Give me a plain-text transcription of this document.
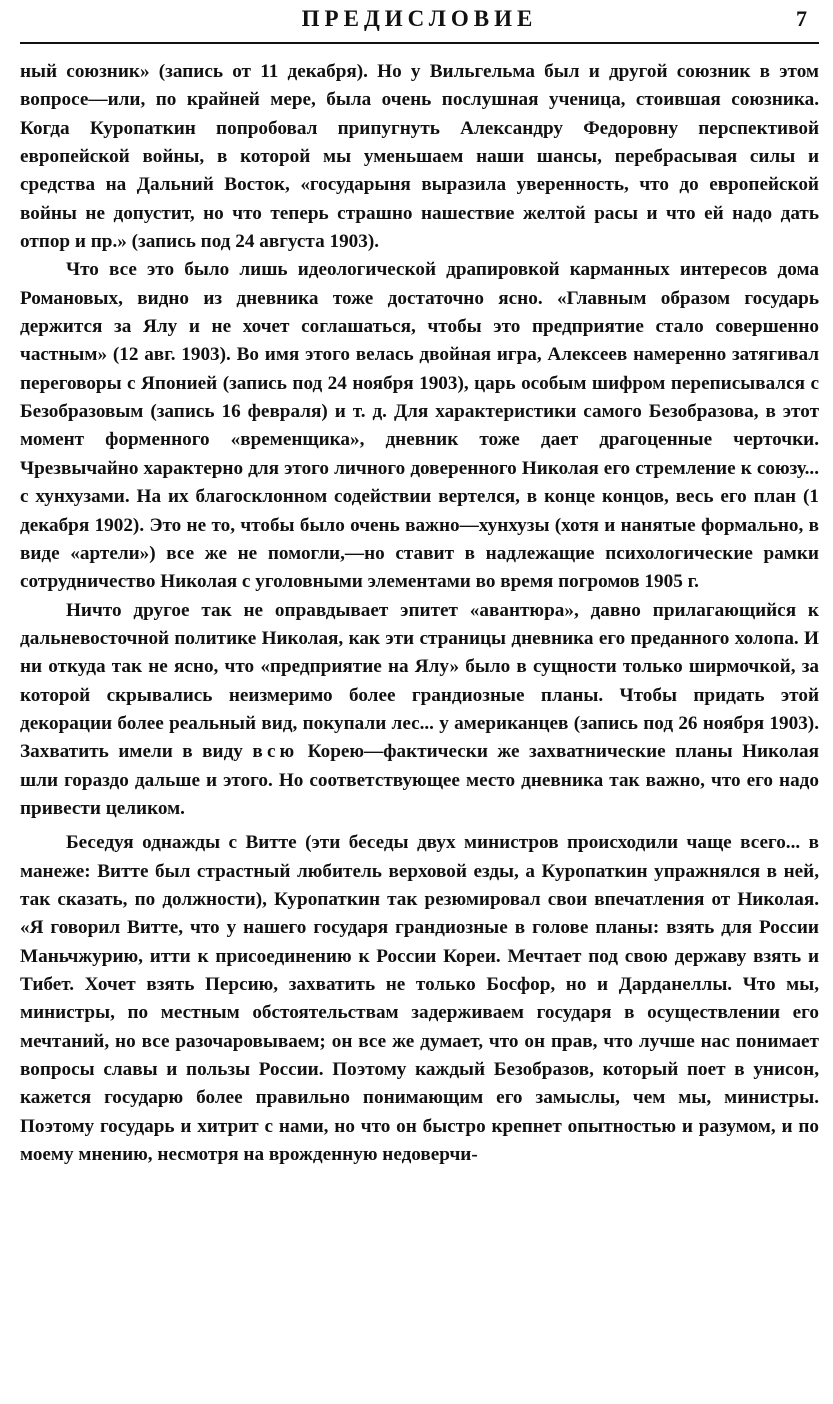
ПРЕДИСЛОВИЕ	7

ный союзник» (запись от 11 декабря). Но у Вильгельма был и другой союзник в этом вопросе—или, по крайней мере, была очень послушная ученица, стоившая союзника. Когда Куропаткин попробовал припугнуть Александру Федоровну перспективой европейской войны, в которой мы уменьшаем наши шансы, перебрасывая силы и средства на Дальний Восток, «государыня выразила уверенность, что до европейской войны не допустит, но что теперь страшно нашествие желтой расы и что ей надо дать отпор и пр.» (запись под 24 августа 1903).

Что все это было лишь идеологической драпировкой карманных интересов дома Романовых, видно из дневника тоже достаточно ясно. «Главным образом государь держится за Ялу и не хочет соглашаться, чтобы это предприятие стало совершенно частным» (12 авг. 1903). Во имя этого велась двойная игра, Алексеев намеренно затягивал переговоры с Японией (запись под 24 ноября 1903), царь особым шифром переписывался с Безобразовым (запись 16 февраля) и т. д. Для характеристики самого Безобразова, в этот момент форменного «временщика», дневник тоже дает драгоценные черточки. Чрезвычайно характерно для этого личного доверенного Николая его стремление к союзу... с хунхузами. На их благосклонном содействии вертелся, в конце концов, весь его план (1 декабря 1902). Это не то, чтобы было очень важно—хунхузы (хотя и нанятые формально, в виде «артели») все же не помогли,—но ставит в надлежащие психологические рамки сотрудничество Николая с уголовными элементами во время погромов 1905 г.

Ничто другое так не оправдывает эпитет «авантюра», давно прилагающийся к дальневосточной политике Николая, как эти страницы дневника его преданного холопа. И ни откуда так не ясно, что «предприятие на Ялу» было в сущности только ширмочкой, за которой скрывались неизмеримо более грандиозные планы. Чтобы придать этой декорации более реальный вид, покупали лес... у американцев (запись под 26 ноября 1903). Захватить имели в виду всю Корею—фактически же захватнические планы Николая шли гораздо дальше и этого. Но соответствующее место дневника так важно, что его надо привести целиком.

Беседуя однажды с Витте (эти беседы двух министров происходили чаще всего... в манеже: Витте был страстный любитель верховой езды, а Куропаткин упражнялся в ней, так сказать, по должности), Куропаткин так резюмировал свои впечатления от Николая. «Я говорил Витте, что у нашего государя грандиозные в голове планы: взять для России Маньчжурию, итти к присоединению к России Кореи. Мечтает под свою державу взять и Тибет. Хочет взять Персию, захватить не только Босфор, но и Дарданеллы. Что мы, министры, по местным обстоятельствам задерживаем государя в осуществлении его мечтаний, но все разочаровываем; он все же думает, что он прав, что лучше нас понимает вопросы славы и пользы России. Поэтому каждый Безобразов, который поет в унисон, кажется государю более правильно понимающим его замыслы, чем мы, министры. Поэтому государь и хитрит с нами, но что он быстро крепнет опытностью и разумом, и по моему мнению, несмотря на врожденную недоверчи-
